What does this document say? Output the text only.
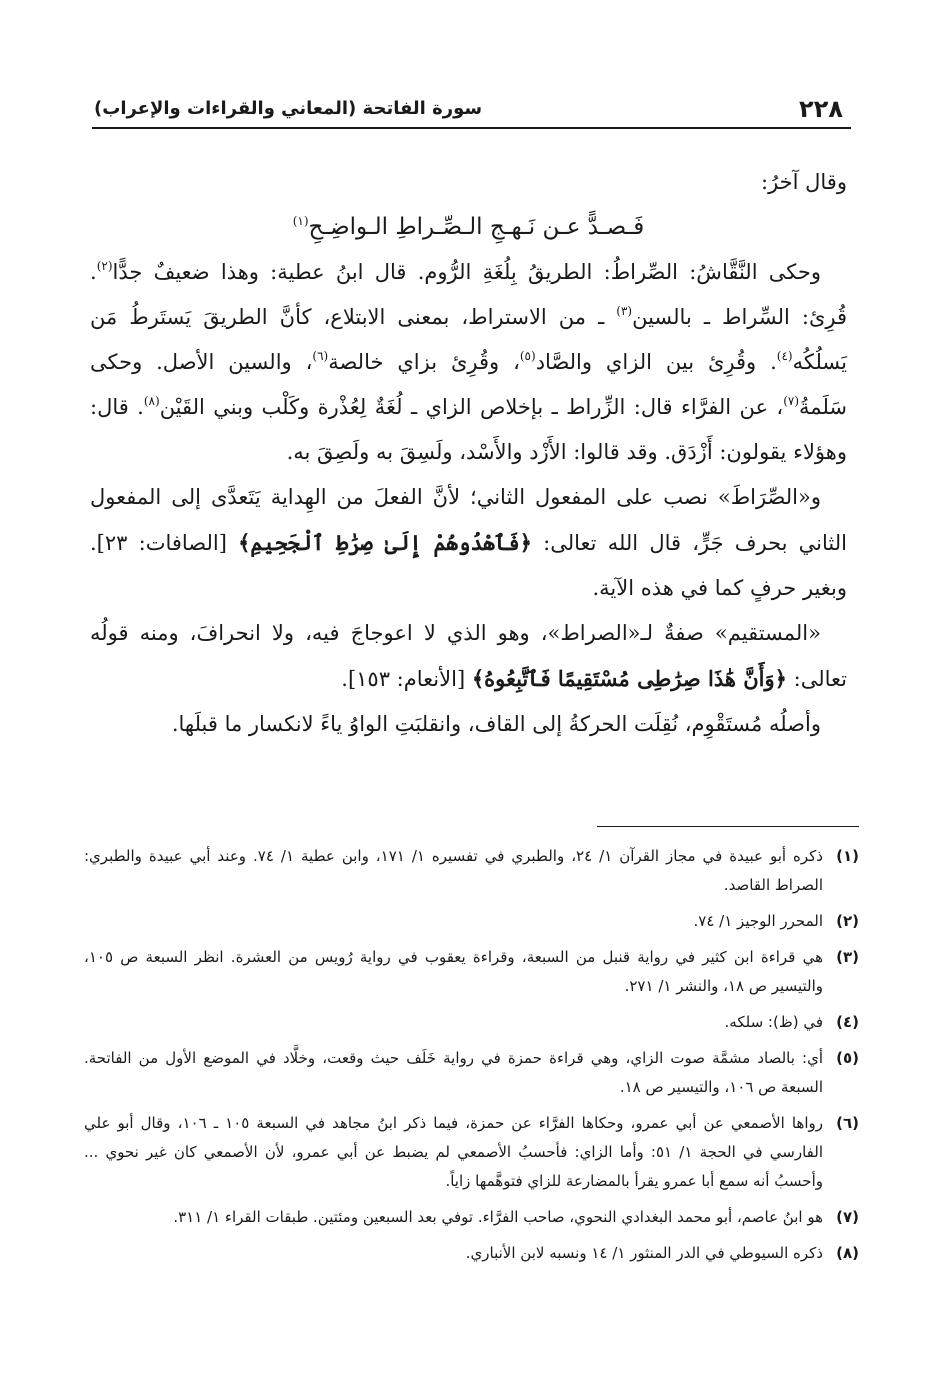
٢٢٨
سورة الفاتحة (المعاني والقراءات والإعراب)

وقال آخرُ:

فَـصـدًّ عـن نَـهـجِ الـصِّـراطِ الـواضِـحِ$^{(١)}$

وحكى النَّقَّاشُ: الصِّراطُ: الطريقُ بِلُغَةِ الرُّوم. قال ابنُ عطية: وهذا ضعيفٌ جدًّا$^{(٢)}$. قُرِئ: السِّراط ـ بالسين$^{(٣)}$ ـ من الاستراط، بمعنى الابتلاع، كأنَّ الطريقَ يَستَرطُ مَن يَسلُكُه$^{(٤)}$. وقُرِئ بين الزاي والصَّاد$^{(٥)}$، وقُرِئ بزاي خالصة$^{(٦)}$، والسين الأصل. وحكى سَلَمةُ$^{(٧)}$، عن الفرَّاء قال: الزِّراط ـ بإخلاص الزاي ـ لُغَةٌ لِعُذْرة وكَلْب وبني القَيْن$^{(٨)}$. قال: وهؤلاء يقولون: أَزْدَق. وقد قالوا: الأَزْد والأَسْد، ولَسِقَ به ولَصِقَ به.

و«الصِّرَاطَ» نصب على المفعول الثاني؛ لأنَّ الفعلَ من الهِداية يَتَعدَّى إلى المفعول الثاني بحرف جَرٍّ، قال الله تعالى: ﴿فَٱهْدُوهُمْ إِلَىٰ صِرَٰطِ ٱلْجَحِيمِ﴾ [الصافات: ٢٣]. وبغير حرفٍ كما في هذه الآية.

«المستقيم» صفةٌ لـ«الصراط»، وهو الذي لا اعوجاجَ فيه، ولا انحرافَ، ومنه قولُه تعالى: ﴿وَأَنَّ هَٰذَا صِرَٰطِى مُسْتَقِيمًا فَٱتَّبِعُوهُ﴾ [الأنعام: ١٥٣].

وأصلُه مُستَقْوِم، نُقِلَت الحركةُ إلى القاف، وانقلبَتِ الواوُ ياءً لانكسار ما قبلَها.

(١)
ذكره أبو عبيدة في مجاز القرآن ١/ ٢٤، والطبري في تفسيره ١/ ١٧١، وابن عطية ١/ ٧٤. وعند أبي عبيدة والطبري: الصراط القاصد.
(٢)
المحرر الوجيز ١/ ٧٤.
(٣)
هي قراءة ابن كثير في رواية قنبل من السبعة، وقراءة يعقوب في رواية رُويس من العشرة. انظر السبعة ص ١٠٥، والتيسير ص ١٨، والنشر ١/ ٢٧١.
(٤)
في (ظ): سلكه.
(٥)
أي: بالصاد مشمَّة صوت الزاي، وهي قراءة حمزة في رواية خَلَف حيث وقعت، وخلَّاد في الموضع الأول من الفاتحة. السبعة ص ١٠٦، والتيسير ص ١٨.
(٦)
رواها الأصمعي عن أبي عمرو، وحكاها الفرَّاء عن حمزة، فيما ذكر ابنُ مجاهد في السبعة ١٠٥ ـ ١٠٦، وقال أبو علي الفارسي في الحجة ١/ ٥١: وأما الزاي: فأحسبُ الأصمعي لم يضبط عن أبي عمرو، لأن الأصمعي كان غير نحوي ... وأحسبُ أنه سمع أبا عمرو يقرأ بالمضارعة للزاي فتوهَّمها زاياً.
(٧)
هو ابنُ عاصم، أبو محمد البغدادي النحوي، صاحب الفرَّاء. توفي بعد السبعين ومئتين. طبقات القراء ١/ ٣١١.
(٨)
ذكره السيوطي في الدر المنثور ١/ ١٤ ونسبه لابن الأنباري.
